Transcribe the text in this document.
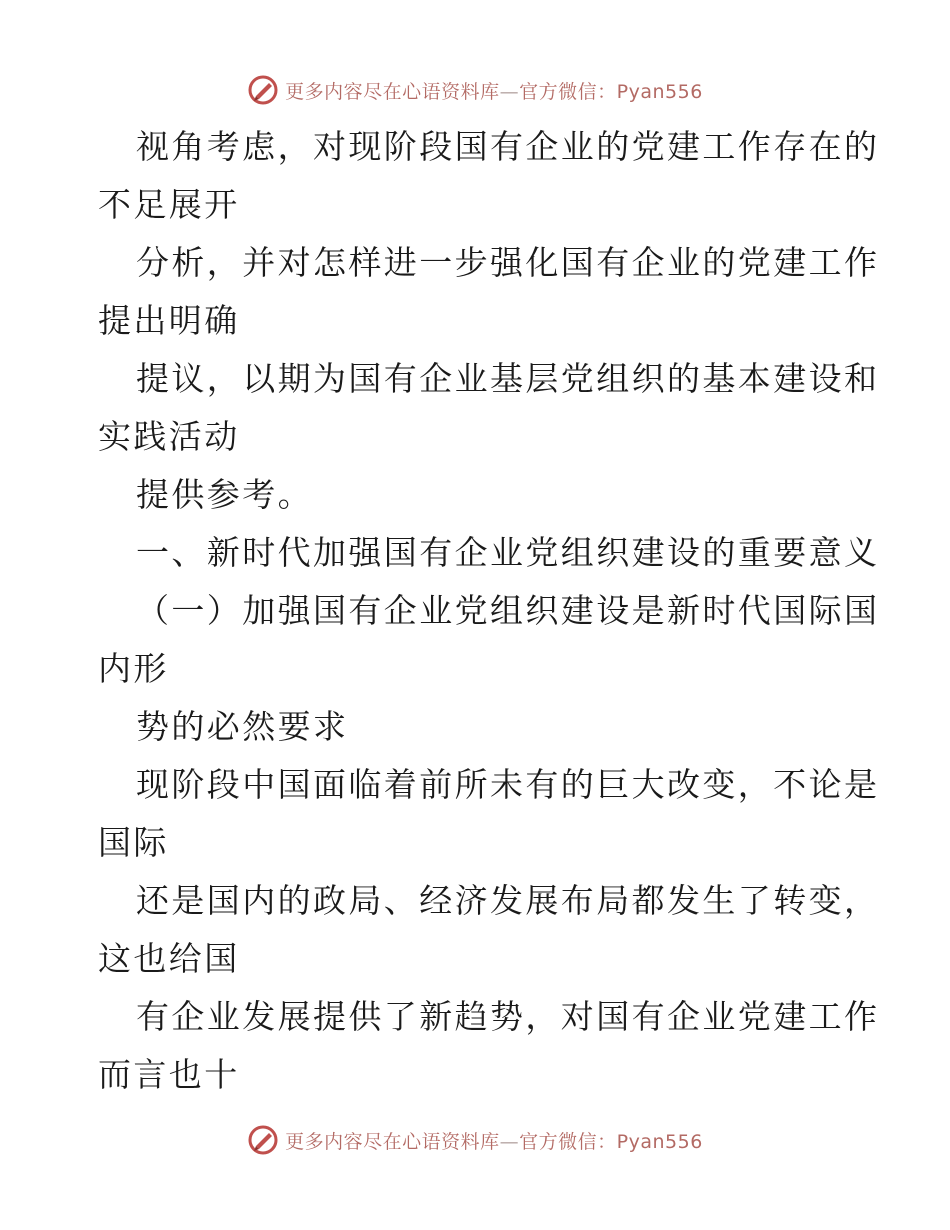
更多内容尽在心语资料库—官方微信：Pyan556
视角考虑，对现阶段国有企业的党建工作存在的
不足展开
分析，并对怎样进一步强化国有企业的党建工作
提出明确
提议，以期为国有企业基层党组织的基本建设和
实践活动
提供参考。
一、新时代加强国有企业党组织建设的重要意义
（一）加强国有企业党组织建设是新时代国际国
内形
势的必然要求
现阶段中国面临着前所未有的巨大改变，不论是
国际
还是国内的政局、经济发展布局都发生了转变，
这也给国
有企业发展提供了新趋势，对国有企业党建工作
而言也十
更多内容尽在心语资料库—官方微信：Pyan556
